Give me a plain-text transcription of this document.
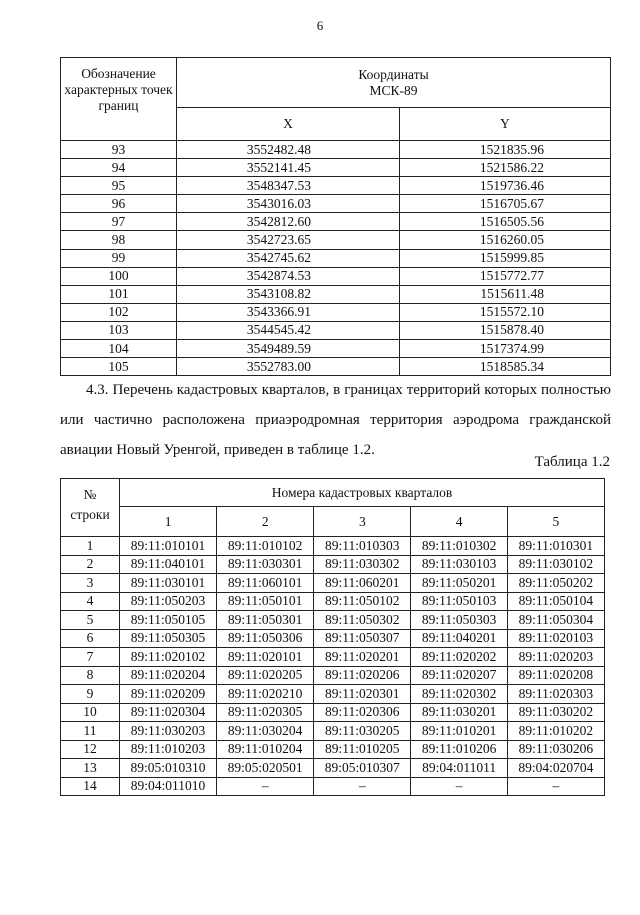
6
Обозначение характерных точек границ	Координаты
МСК-89	

	X	Y
93	3552482.48	1521835.96
94	3552141.45	1521586.22
95	3548347.53	1519736.46
96	3543016.03	1516705.67
97	3542812.60	1516505.56
98	3542723.65	1516260.05
99	3542745.62	1515999.85
100	3542874.53	1515772.77
101	3543108.82	1515611.48
102	3543366.91	1515572.10
103	3544545.42	1515878.40
104	3549489.59	1517374.99
105	3552783.00	1518585.34
4.3. Перечень кадастровых кварталов, в границах территорий которых полностью или частично расположена приаэродромная территория аэродрома гражданской авиации Новый Уренгой, приведен в таблице 1.2.
Таблица 1.2
№
строки	Номера кадастровых кварталов				
	1	2	3	4	5
1	89:11:010101	89:11:010102	89:11:010303	89:11:010302	89:11:010301
2	89:11:040101	89:11:030301	89:11:030302	89:11:030103	89:11:030102
3	89:11:030101	89:11:060101	89:11:060201	89:11:050201	89:11:050202
4	89:11:050203	89:11:050101	89:11:050102	89:11:050103	89:11:050104
5	89:11:050105	89:11:050301	89:11:050302	89:11:050303	89:11:050304
6	89:11:050305	89:11:050306	89:11:050307	89:11:040201	89:11:020103
7	89:11:020102	89:11:020101	89:11:020201	89:11:020202	89:11:020203
8	89:11:020204	89:11:020205	89:11:020206	89:11:020207	89:11:020208
9	89:11:020209	89:11:020210	89:11:020301	89:11:020302	89:11:020303
10	89:11:020304	89:11:020305	89:11:020306	89:11:030201	89:11:030202
11	89:11:030203	89:11:030204	89:11:030205	89:11:010201	89:11:010202
12	89:11:010203	89:11:010204	89:11:010205	89:11:010206	89:11:030206
13	89:05:010310	89:05:020501	89:05:010307	89:04:011011	89:04:020704
14	89:04:011010	–	–	–	–
